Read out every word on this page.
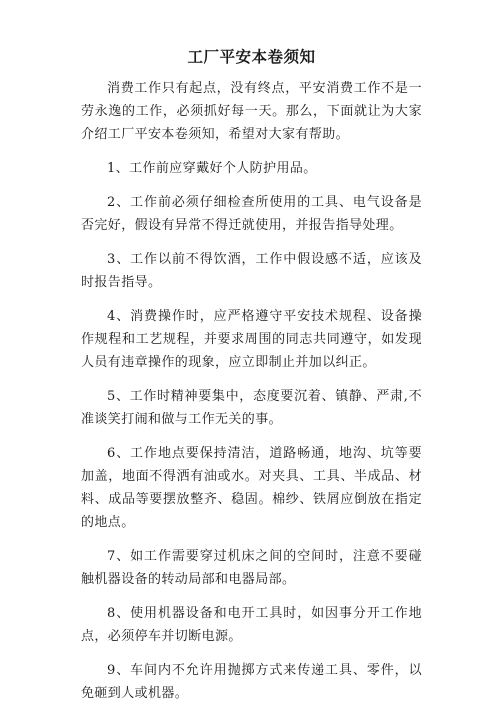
工厂平安本卷须知

消费工作只有起点，没有终点，平安消费工作不是一劳永逸的工作，必须抓好每一天。那么，下面就让为大家介绍工厂平安本卷须知，希望对大家有帮助。

1、工作前应穿戴好个人防护用品。

2、工作前必须仔细检查所使用的工具、电气设备是否完好，假设有异常不得迁就使用，并报告指导处理。

3、工作以前不得饮酒，工作中假设感不适，应该及时报告指导。

4、消费操作时，应严格遵守平安技术规程、设备操作规程和工艺规程，并要求周围的同志共同遵守，如发现人员有违章操作的现象，应立即制止并加以纠正。

5、工作时精神要集中，态度要沉着、镇静、严肃,不准谈笑打闹和做与工作无关的事。

6、工作地点要保持清洁，道路畅通，地沟、坑等要加盖，地面不得洒有油或水。对夹具、工具、半成品、材料、成品等要摆放整齐、稳固。棉纱、铁屑应倒放在指定的地点。

7、如工作需要穿过机床之间的空间时，注意不要碰触机器设备的转动局部和电器局部。

8、使用机器设备和电开工具时，如因事分开工作地点，必须停车并切断电源。

9、车间内不允许用抛掷方式来传递工具、零件，以免砸到人或机器。
